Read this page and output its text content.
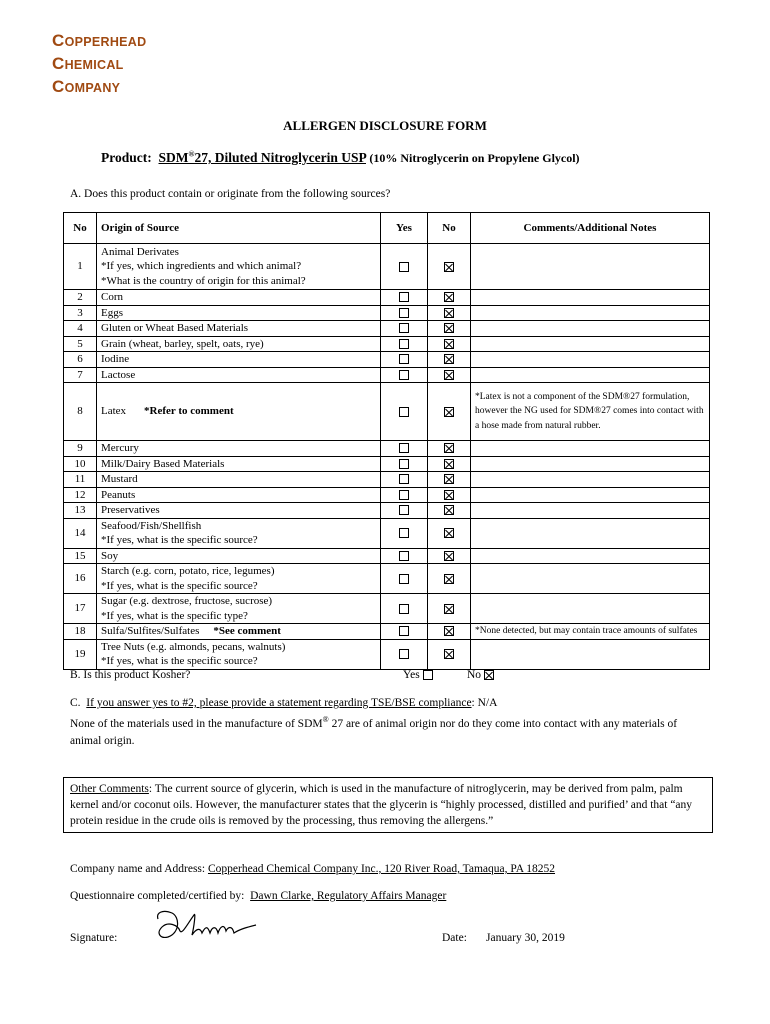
COPPERHEAD
CHEMICAL
COMPANY
ALLERGEN DISCLOSURE FORM
Product: SDM®27, Diluted Nitroglycerin USP (10% Nitroglycerin on Propylene Glycol)
A. Does this product contain or originate from the following sources?
No	Origin of Source	Yes	No	Comments/Additional Notes
1	Animal Derivates
*If yes, which ingredients and which animal?
*What is the country of origin for this animal?			

2	Corn			

3	Eggs			

4	Gluten or Wheat Based Materials			

5	Grain (wheat, barley, spelt, oats, rye)			

6	Iodine			

7	Lactose			

8	Latex *Refer to comment			*Latex is not a component of the SDM®27 formulation, however the NG used for SDM®27 comes into contact with a hose made from natural rubber.
9	Mercury			

10	Milk/Dairy Based Materials			

11	Mustard			

12	Peanuts			

13	Preservatives			

14	Seafood/Fish/Shellfish
*If yes, what is the specific source?			

15	Soy			

16	Starch (e.g. corn, potato, rice, legumes)
*If yes, what is the specific source?			

17	Sugar (e.g. dextrose, fructose, sucrose)
*If yes, what is the specific type?			

18	Sulfa/Sulfites/Sulfates *See comment			*None detected, but may contain trace amounts of sulfates
19	Tree Nuts (e.g. almonds, pecans, walnuts)
*If yes, what is the specific source?			

B. Is this product Kosher?	Yes	No
C. If you answer yes to #2, please provide a statement regarding TSE/BSE compliance: N/A
None of the materials used in the manufacture of SDM® 27 are of animal origin nor do they come into contact with any materials of animal origin.
Other Comments: The current source of glycerin, which is used in the manufacture of nitroglycerin, may be derived from palm, palm kernel and/or coconut oils. However, the manufacturer states that the glycerin is “highly processed, distilled and purified’ and that “any protein residue in the crude oils is removed by the processing, thus removing the allergens.”
Company name and Address: Copperhead Chemical Company Inc., 120 River Road, Tamaqua, PA 18252
Questionnaire completed/certified by: Dawn Clarke, Regulatory Affairs Manager
Signature:	Date: January 30, 2019
